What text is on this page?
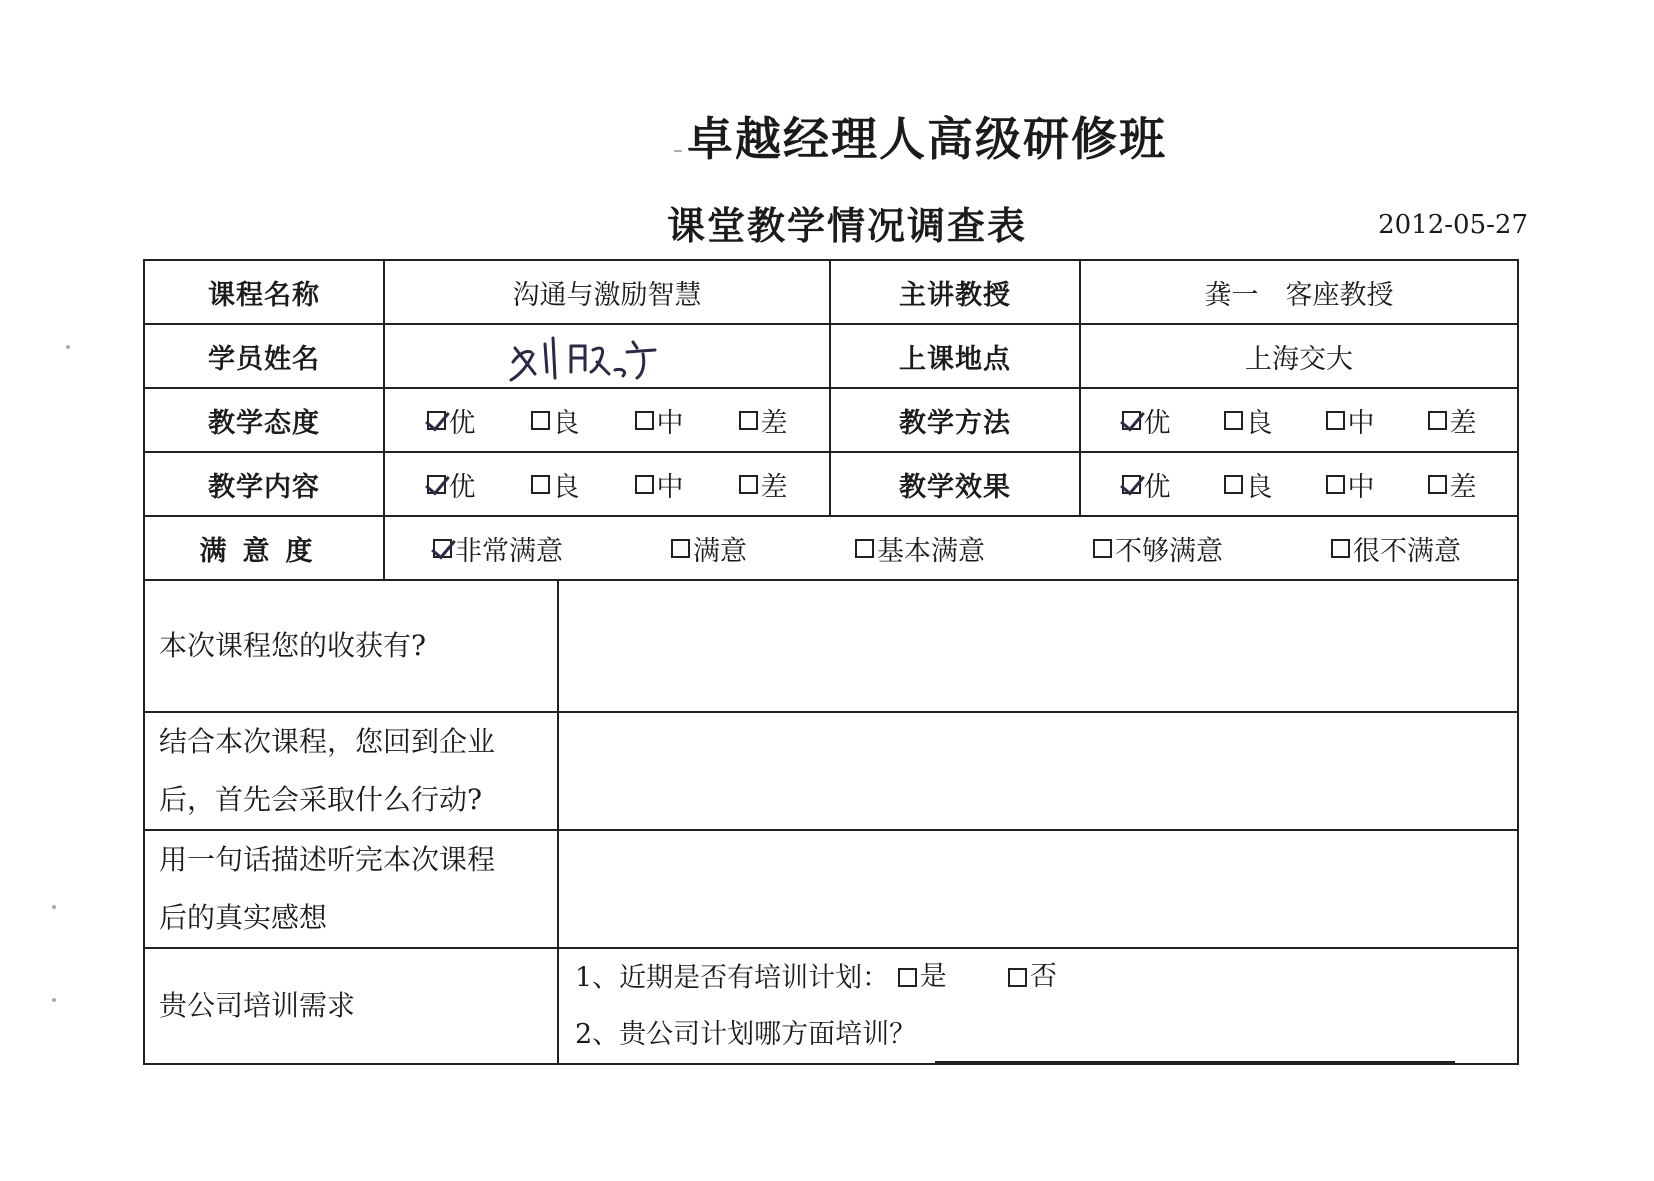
卓越经理人高级研修班
课堂教学情况调查表	2012-05-27
课程名称	沟通与激励智慧		主讲教授	龚一　客座教授
学员姓名			上课地点	上海交大
教学态度	优 良 中 差		教学方法	优 良 中 差

教学内容	优 良 中 差		教学效果	优 良 中 差

满意度	非常满意 满意 基本满意 不够满意 很不满意			

本次课程您的收获有?				

结合本次课程，您回到企业
后，首先会采取什么行动?				

用一句话描述听完本次课程
后的真实感想				

贵公司培训需求		1、近期是否有培训计划： 是
否
2、贵公司计划哪方面培训？		
